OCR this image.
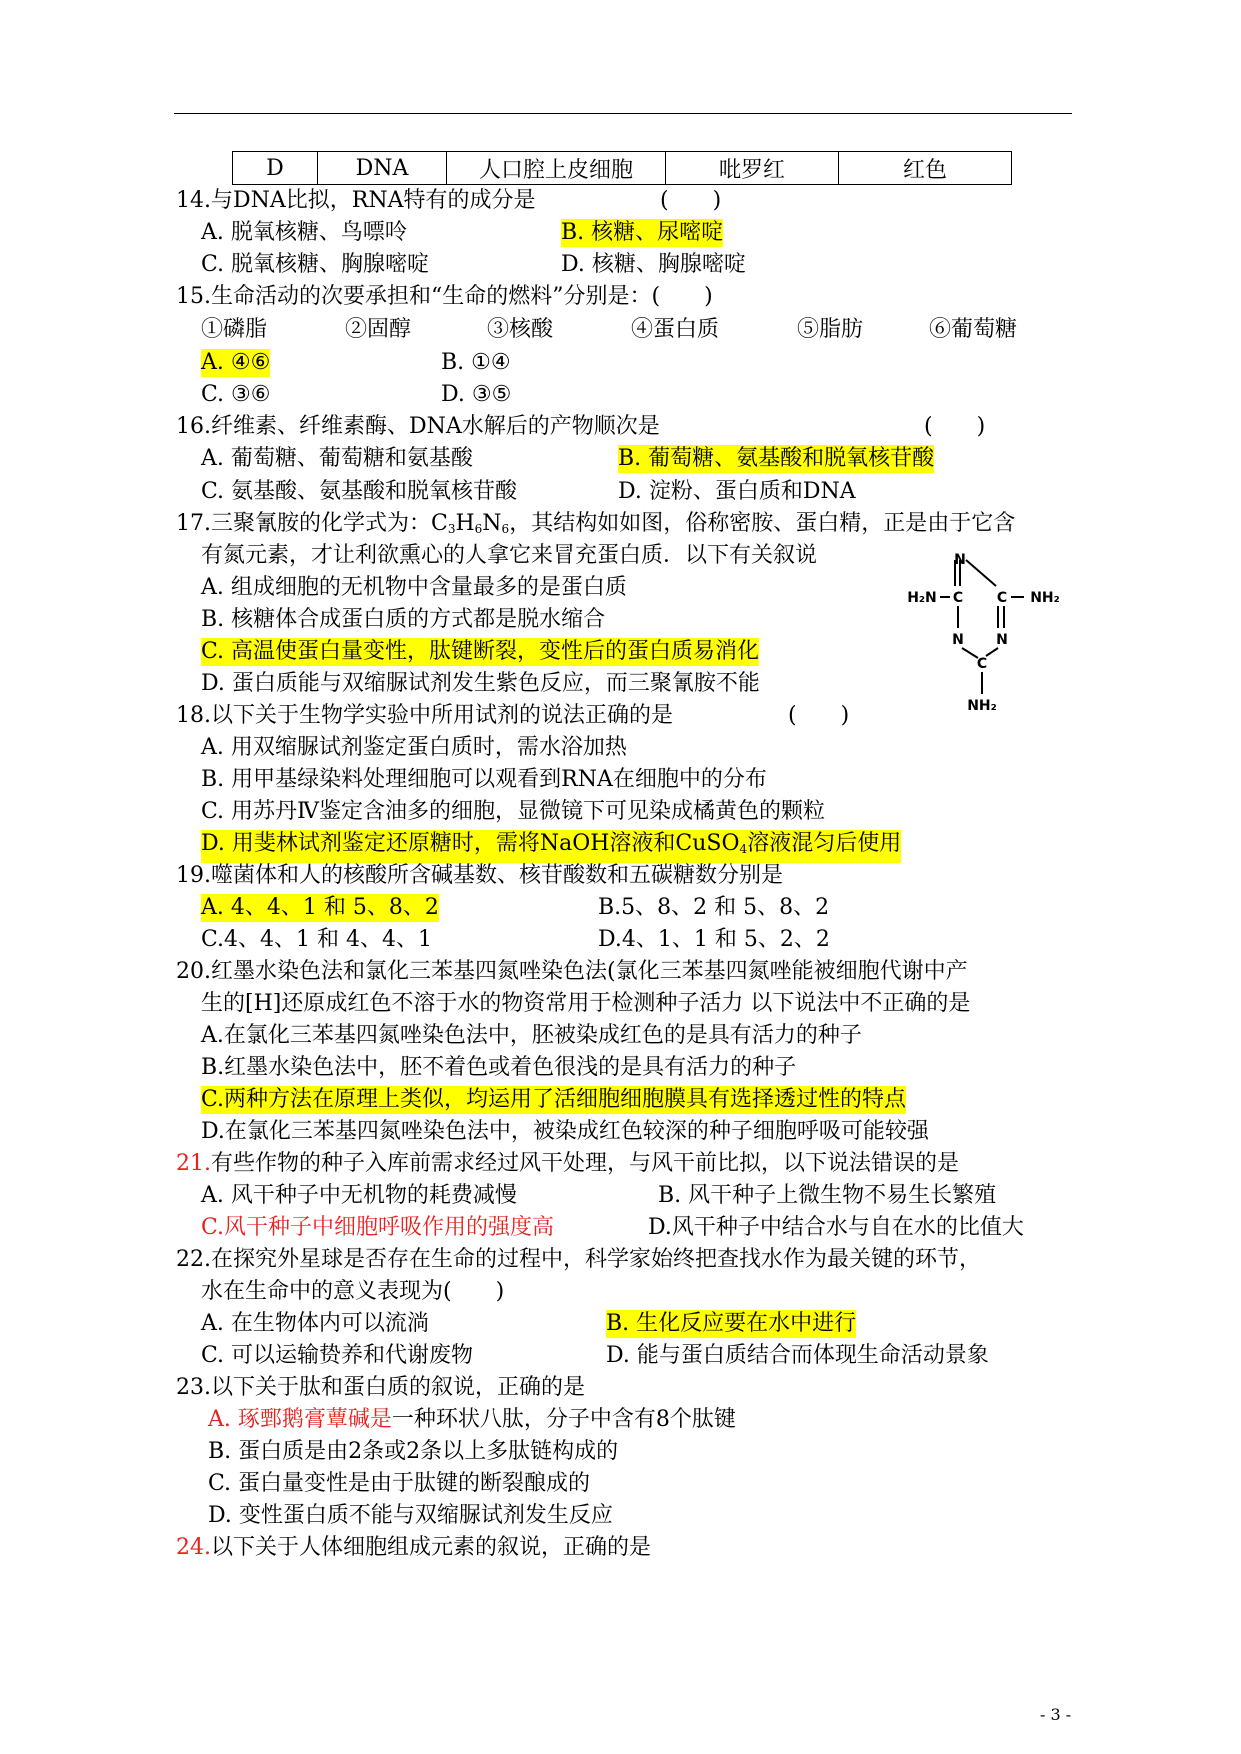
D	DNA	人口腔上皮细胞	吡罗红	红色
14.与DNA比拟，RNA特有的成分是	(　　)
A. 脱氧核糖、鸟嘌呤	B. 核糖、尿嘧啶
C. 脱氧核糖、胸腺嘧啶	D. 核糖、胸腺嘧啶
15.生命活动的次要承担和“生命的燃料”分别是：(　　)
①磷脂	②固醇	③核酸	④蛋白质	⑤脂肪	⑥葡萄糖
A. ④⑥	B. ①④
C. ③⑥	D. ③⑤
16.纤维素、纤维素酶、DNA水解后的产物顺次是	(　　)
A. 葡萄糖、葡萄糖和氨基酸	B. 葡萄糖、氨基酸和脱氧核苷酸
C. 氨基酸、氨基酸和脱氧核苷酸	D. 淀粉、蛋白质和DNA
17.三聚氰胺的化学式为：$C_3H_6N_6$，其结构如如图，俗称密胺、蛋白精，正是由于它含
有氮元素，才让利欲熏心的人拿它来冒充蛋白质．以下有关叙说
A. 组成细胞的无机物中含量最多的是蛋白质
B. 核糖体合成蛋白质的方式都是脱水缩合
C. 高温使蛋白量变性，肽键断裂，变性后的蛋白质易消化
D. 蛋白质能与双缩脲试剂发生紫色反应，而三聚氰胺不能
N
H₂N C C NH₂
N N
C
NH₂
18.以下关于生物学实验中所用试剂的说法正确的是	(　　)
A. 用双缩脲试剂鉴定蛋白质时，需水浴加热
B. 用甲基绿染料处理细胞可以观看到RNA在细胞中的分布
C. 用苏丹Ⅳ鉴定含油多的细胞，显微镜下可见染成橘黄色的颗粒
D. 用斐林试剂鉴定还原糖时，需将NaOH溶液和CuSO$_4$溶液混匀后使用
19.噬菌体和人的核酸所含碱基数、核苷酸数和五碳糖数分别是
A. 4、4、1 和 5、8、2	B.5、8、2 和 5、8、2
C.4、4、1 和 4、4、1	D.4、1、1 和 5、2、2
20.红墨水染色法和氯化三苯基四氮唑染色法(氯化三苯基四氮唑能被细胞代谢中产
生的[H]还原成红色不溶于水的物资常用于检测种子活力 以下说法中不正确的是
A.在氯化三苯基四氮唑染色法中，胚被染成红色的是具有活力的种子
B.红墨水染色法中，胚不着色或着色很浅的是具有活力的种子
C.两种方法在原理上类似，均运用了活细胞细胞膜具有选择透过性的特点
D.在氯化三苯基四氮唑染色法中，被染成红色较深的种子细胞呼吸可能较强
21.有些作物的种子入库前需求经过风干处理，与风干前比拟，以下说法错误的是
A. 风干种子中无机物的耗费减慢	B. 风干种子上微生物不易生长繁殖
C.风干种子中细胞呼吸作用的强度高	D.风干种子中结合水与自在水的比值大
22.在探究外星球是否存在生命的过程中，科学家始终把查找水作为最关键的环节，
水在生命中的意义表现为(　　)
A. 在生物体内可以流淌	B. 生化反应要在水中进行
C. 可以运输贽养和代谢废物	D. 能与蛋白质结合而体现生命活动景象
23.以下关于肽和蛋白质的叙说，正确的是
A. 琢鄄鹅膏蕈碱是一种环状八肽，分子中含有8个肽键
B. 蛋白质是由2条或2条以上多肽链构成的
C. 蛋白量变性是由于肽键的断裂酿成的
D. 变性蛋白质不能与双缩脲试剂发生反应
24.以下关于人体细胞组成元素的叙说，正确的是
- 3 -
